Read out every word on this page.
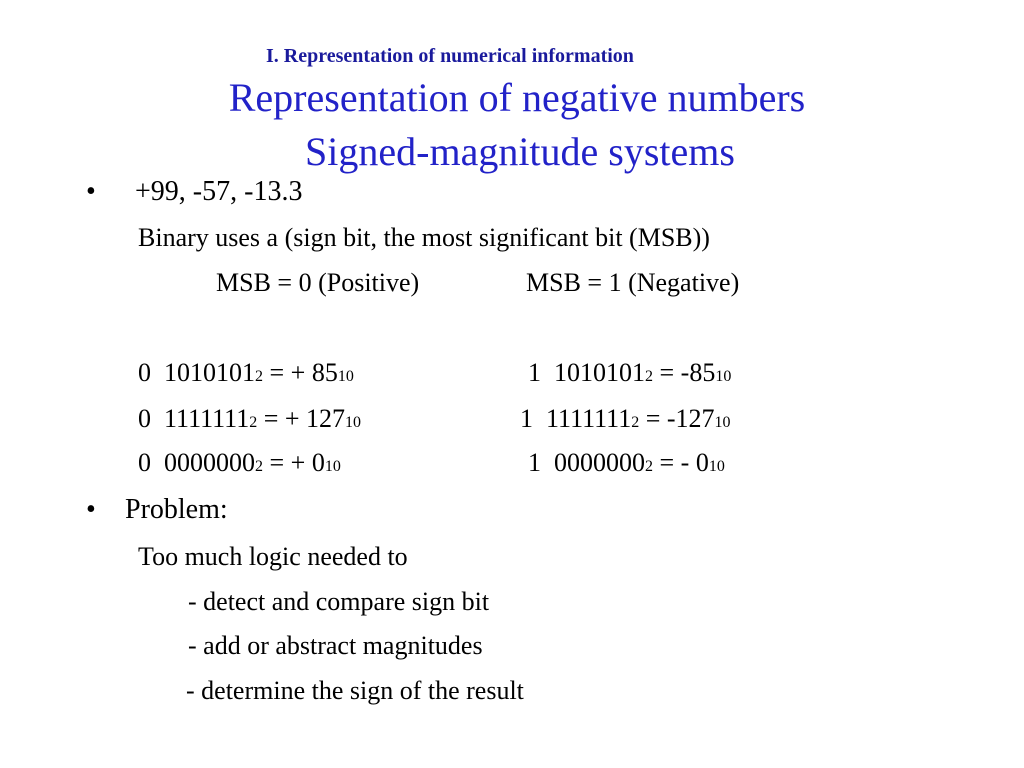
I. Representation of numerical information
Representation of negative numbers
Signed-magnitude systems
• +99, -57, -13.3
Binary uses a (sign bit, the most significant bit (MSB))
MSB = 0 (Positive)	MSB = 1 (Negative)
0 10101012 = + 8510
0 11111112 = + 12710
0 00000002 = + 010
1 10101012 = -8510
1 11111112 = -12710
1 00000002 = - 010
• Problem:
Too much logic needed to
- detect and compare sign bit
- add or abstract magnitudes
- determine the sign of the result
